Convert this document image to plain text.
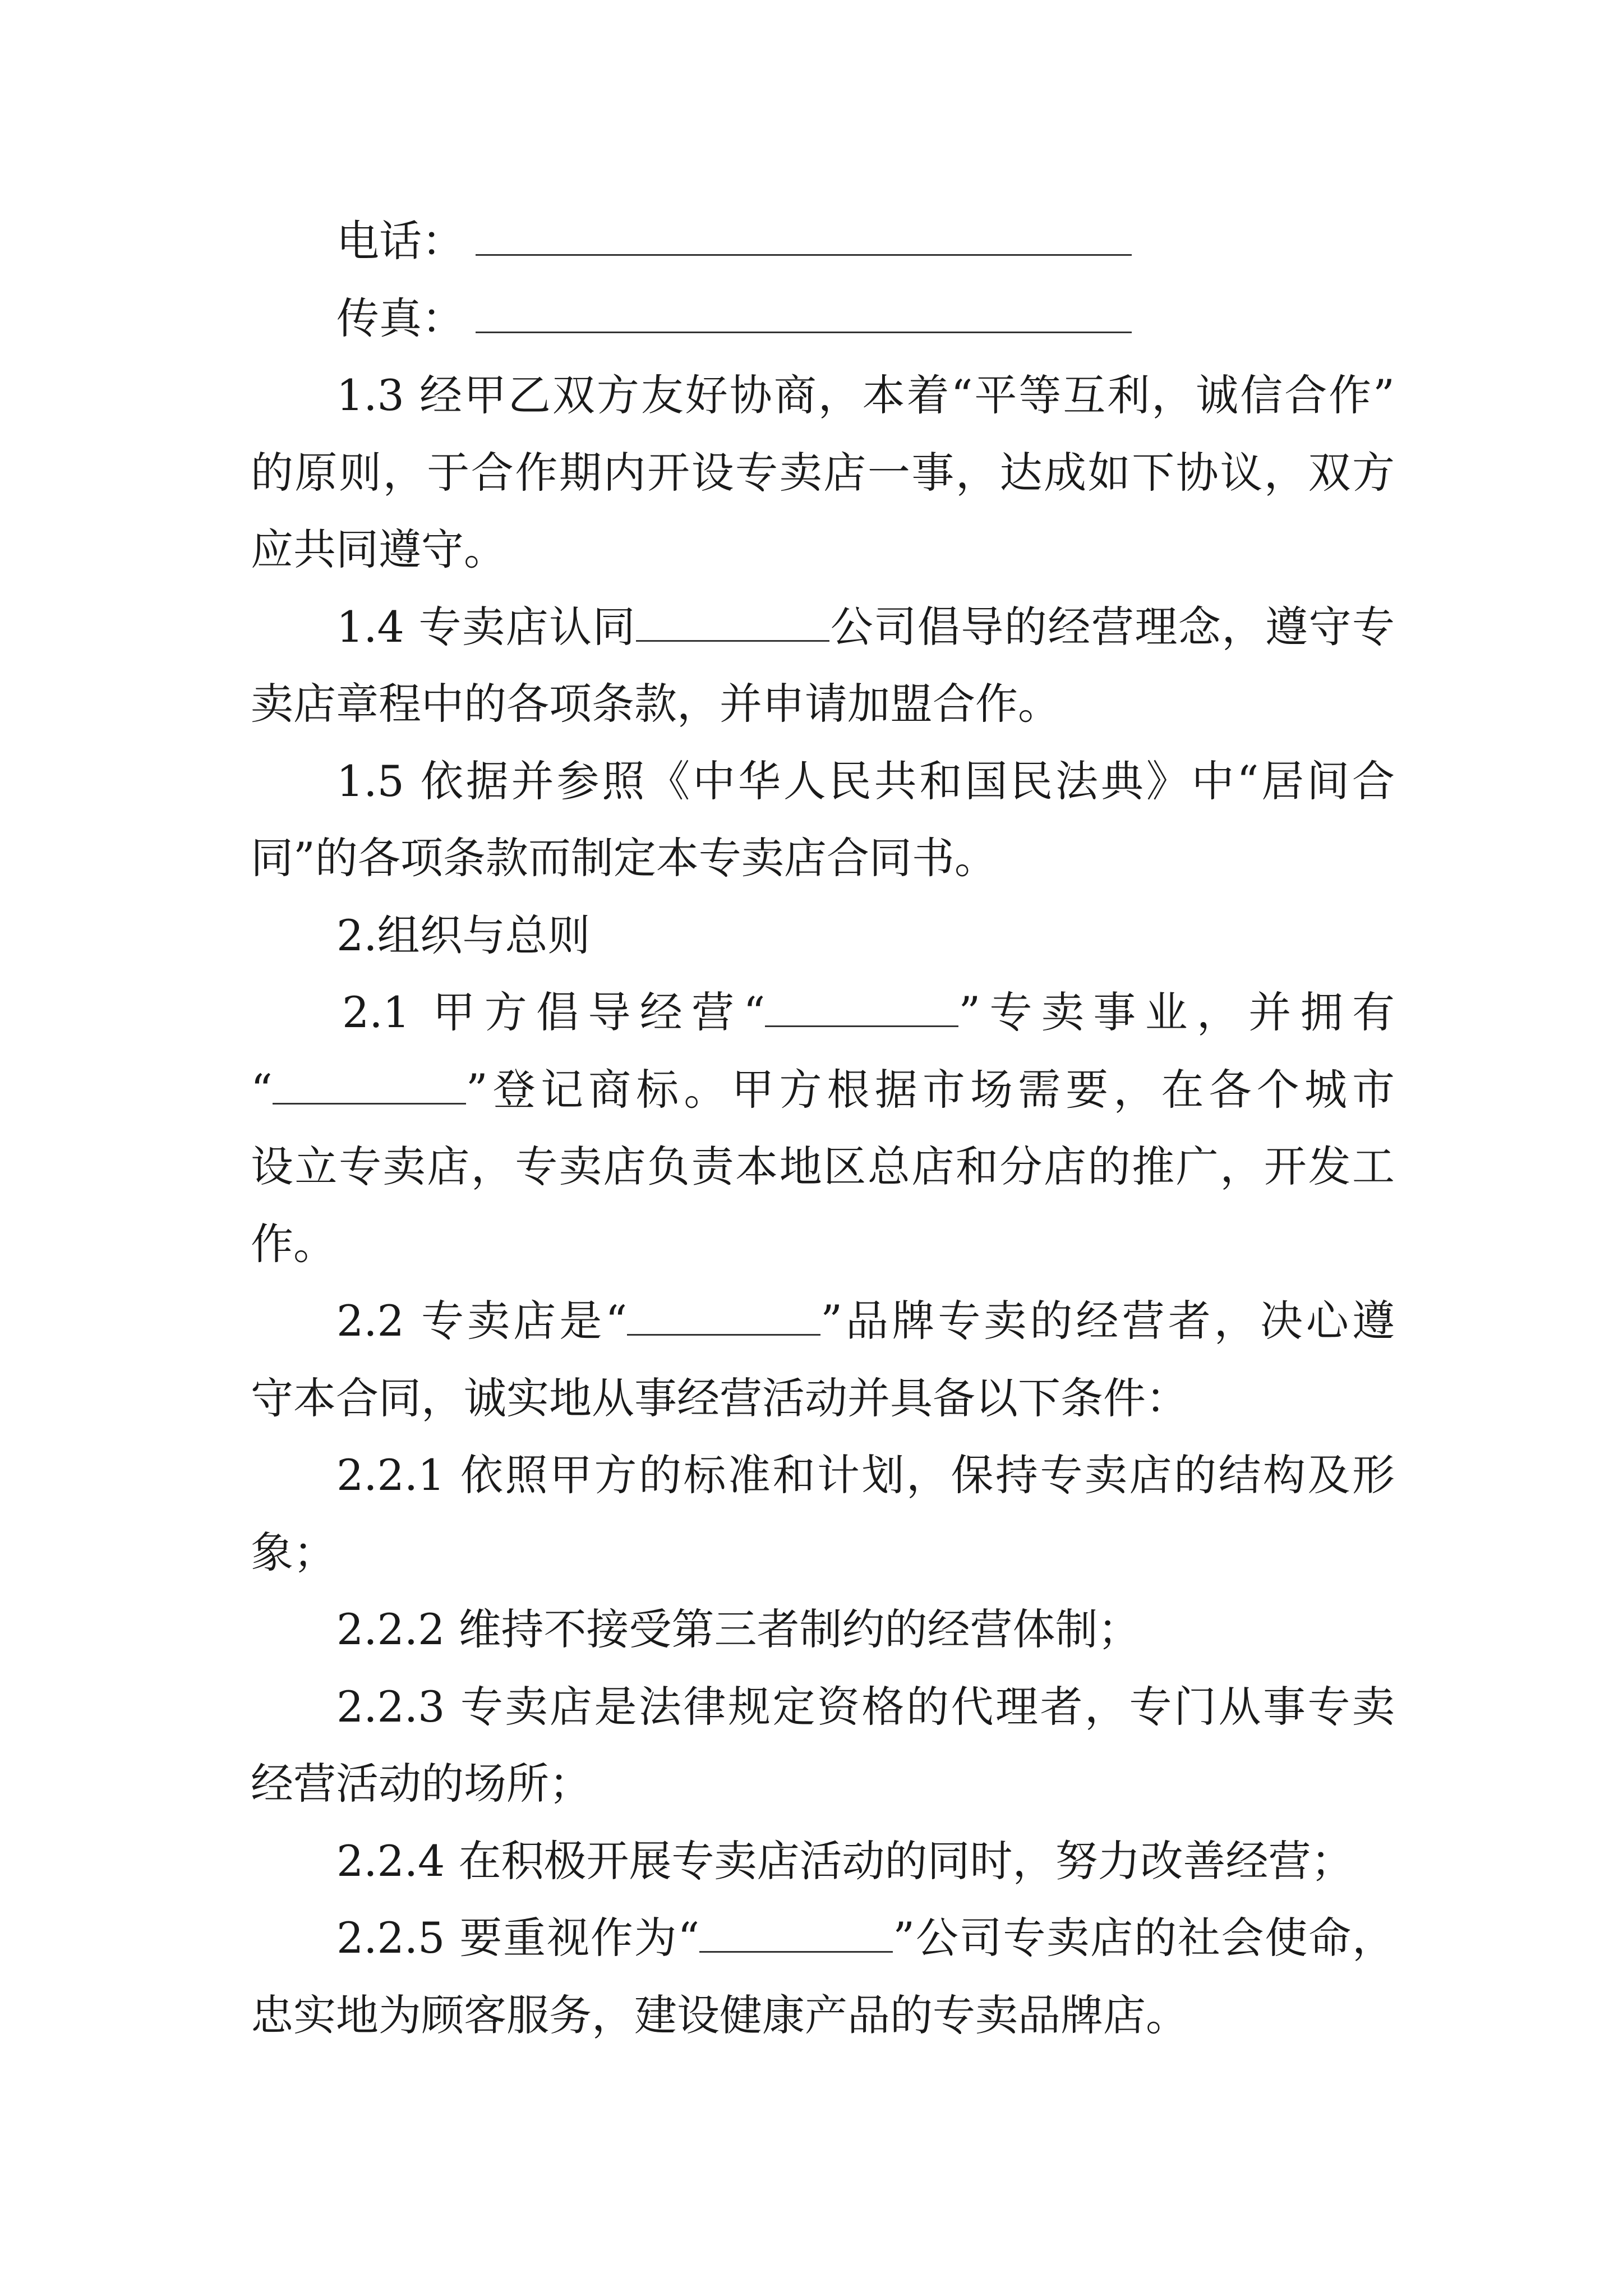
电话：
传真：
1.3 经甲乙双方友好协商，本着“平等互利，诚信合作”
的原则，于合作期内开设专卖店一事，达成如下协议，双方
应共同遵守。
1.4 专卖店认同	公司倡导的经营理念，遵守专
卖店章程中的各项条款，并申请加盟合作。
1.5 依据并参照《中华人民共和国民法典》中“居间合
同”的各项条款而制定本专卖店合同书。
2.组织与总则
2.1 甲方倡导经营“	”专卖事业，并拥有
“	”登记商标。甲方根据市场需要，在各个城市
设立专卖店，专卖店负责本地区总店和分店的推广，开发工
作。
2.2 专卖店是“	”品牌专卖的经营者，决心遵
守本合同，诚实地从事经营活动并具备以下条件：
2.2.1 依照甲方的标准和计划，保持专卖店的结构及形
象；
2.2.2 维持不接受第三者制约的经营体制；
2.2.3 专卖店是法律规定资格的代理者，专门从事专卖
经营活动的场所；
2.2.4 在积极开展专卖店活动的同时，努力改善经营；
2.2.5 要重视作为“	”公司专卖店的社会使命，
忠实地为顾客服务，建设健康产品的专卖品牌店。
